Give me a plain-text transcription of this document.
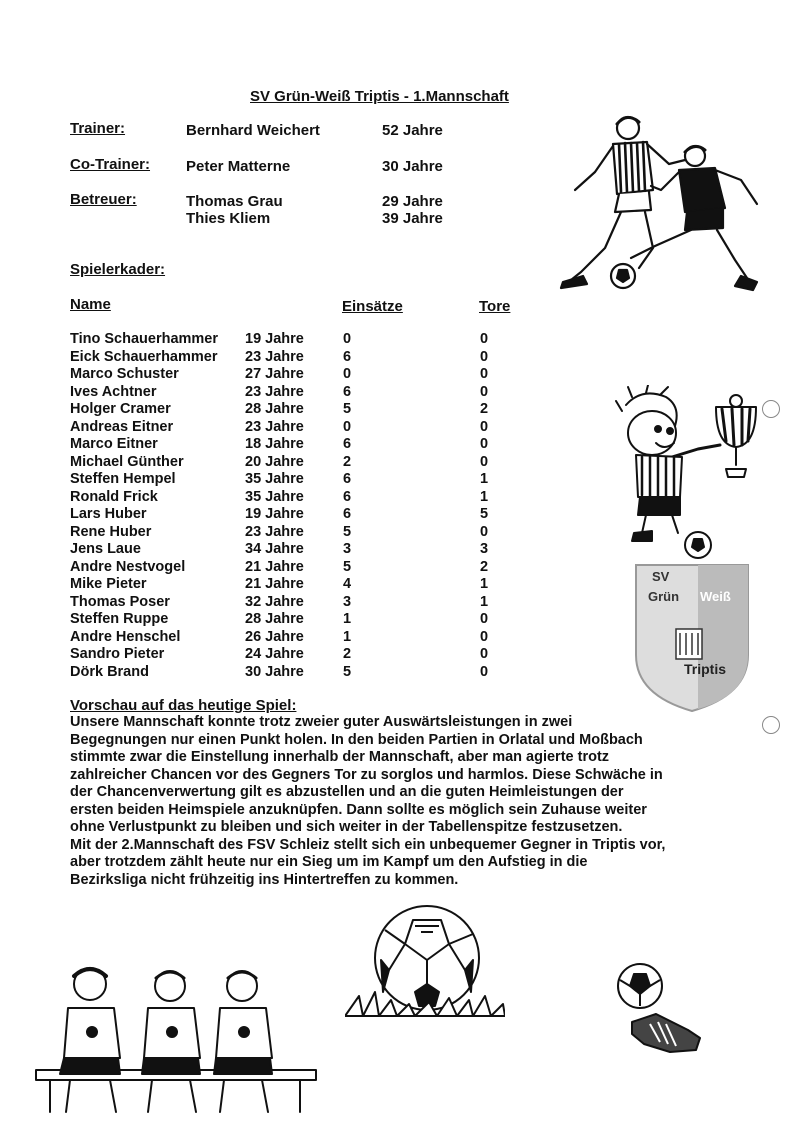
SV Grün-Weiß Triptis - 1.Mannschaft
Trainer:	Bernhard Weichert	52 Jahre
Co-Trainer: Peter Matterne	30 Jahre
Betreuer:	Thomas Grau	29 Jahre
Thies Kliem	39 Jahre
Spielerkader:
Name	Einsätze	Tore
Tino Schauerhammer 19 Jahre	0	0
Eick Schauerhammer 23 Jahre	6	0
Marco Schuster	27 Jahre	0	0
Ives Achtner	23 Jahre	6	0
Holger Cramer	28 Jahre	5	2
Andreas Eitner	23 Jahre	0	0
Marco Eitner	18 Jahre	6	0
Michael Günther	20 Jahre	2	0
Steffen Hempel	35 Jahre	6	1
Ronald Frick	35 Jahre	6	1
Lars Huber	19 Jahre	6	5
Rene Huber	23 Jahre	5	0
Jens Laue	34 Jahre	3	3
Andre Nestvogel	21 Jahre	5	2
Mike Pieter	21 Jahre	4	1
Thomas Poser	32 Jahre	3	1
Steffen Ruppe	28 Jahre	1	0
Andre Henschel	26 Jahre	1	0
Sandro Pieter	24 Jahre	2	0
Dörk Brand	30 Jahre	5	0
Vorschau auf das heutige Spiel:

Unsere Mannschaft konnte trotz zweier guter Auswärtsleistungen in zwei

Begegnungen nur einen Punkt holen. In den beiden Partien in Orlatal und Moßbach

stimmte zwar die Einstellung innerhalb der Mannschaft, aber man agierte trotz

zahlreicher Chancen vor des Gegners Tor zu sorglos und harmlos. Diese Schwäche in

der Chancenverwertung gilt es abzustellen und an die guten Heimleistungen der

ersten beiden Heimspiele anzuknüpfen. Dann sollte es möglich sein Zuhause weiter

ohne Verlustpunkt zu bleiben und sich weiter in der Tabellenspitze festzusetzen.

Mit der 2.Mannschaft des FSV Schleiz stellt sich ein unbequemer Gegner in Triptis vor,

aber trotzdem zählt heute nur ein Sieg um im Kampf um den Aufstieg in die

Bezirksliga nicht frühzeitig ins Hintertreffen zu kommen.

SV
Grün Weiß
Triptis
